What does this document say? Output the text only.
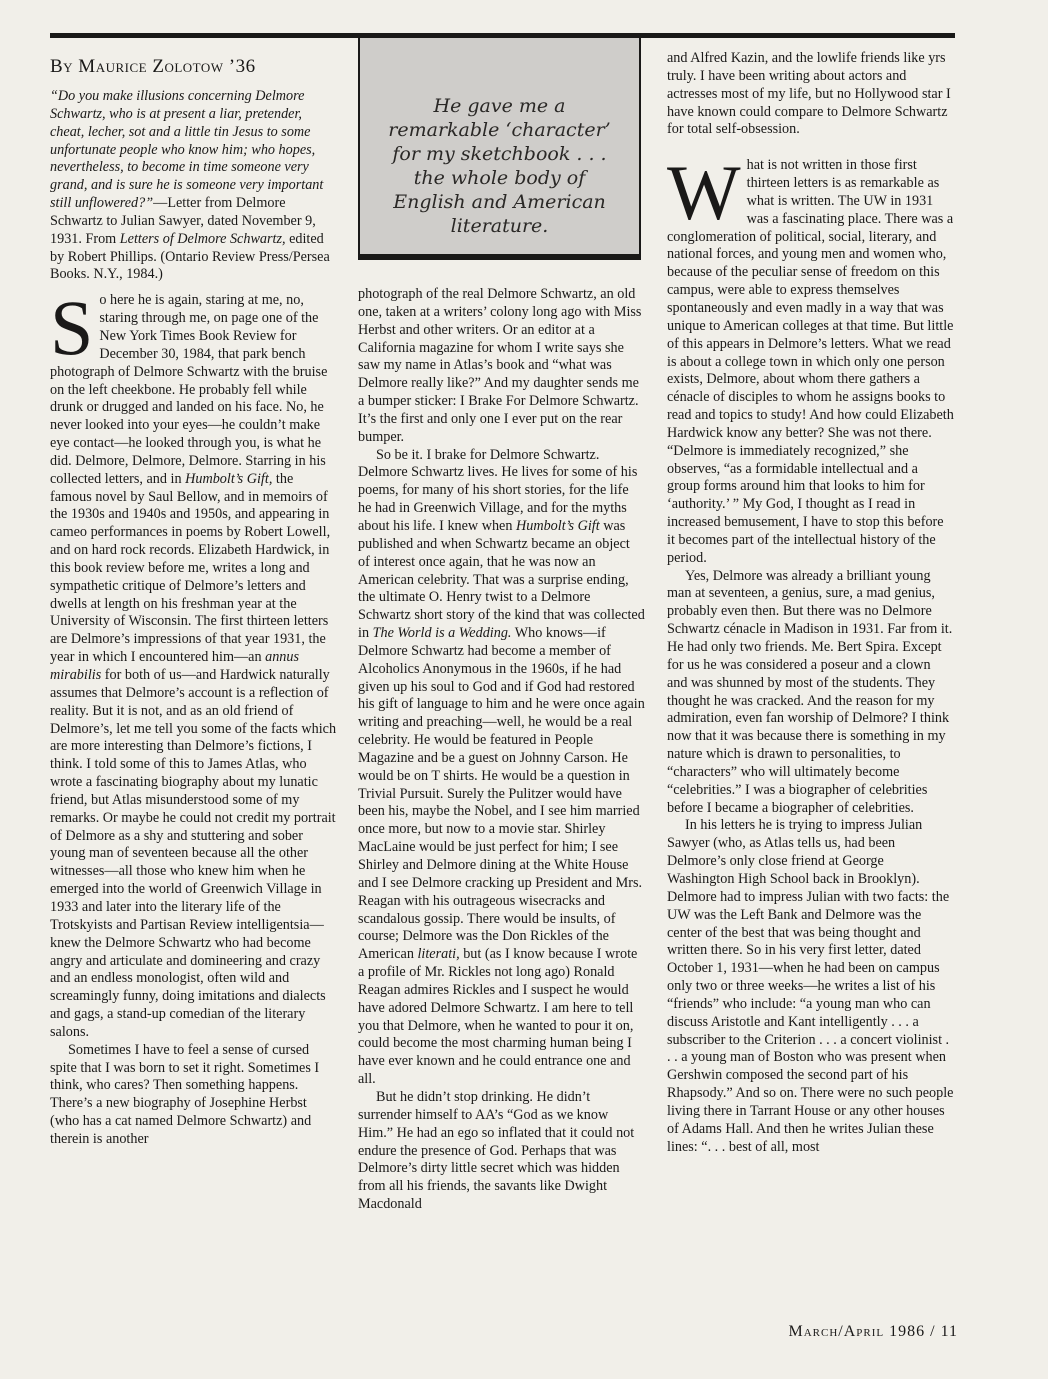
By Maurice Zolotow ’36

“Do you make illusions concerning Delmore Schwartz, who is at present a liar, pretender, cheat, lecher, sot and a little tin Jesus to some unfortunate people who know him; who hopes, nevertheless, to become in time someone very grand, and is sure he is someone very important still unflowered?”—Letter from Delmore Schwartz to Julian Sawyer, dated November 9, 1931. From Letters of Delmore Schwartz, edited by Robert Phillips. (Ontario Review Press/Persea Books. N.Y., 1984.)

So here he is again, staring at me, no, staring through me, on page one of the New York Times Book Review for December 30, 1984, that park bench photograph of Delmore Schwartz with the bruise on the left cheekbone. He probably fell while drunk or drugged and landed on his face. No, he never looked into your eyes—he couldn’t make eye contact—he looked through you, is what he did. Delmore, Delmore, Delmore. Starring in his collected letters, and in Humbolt’s Gift, the famous novel by Saul Bellow, and in memoirs of the 1930s and 1940s and 1950s, and appearing in cameo performances in poems by Robert Lowell, and on hard rock records. Elizabeth Hardwick, in this book review before me, writes a long and sympathetic critique of Delmore’s letters and dwells at length on his freshman year at the University of Wisconsin. The first thirteen letters are Delmore’s impressions of that year 1931, the year in which I encountered him—an annus mirabilis for both of us—and Hardwick naturally assumes that Delmore’s account is a reflection of reality. But it is not, and as an old friend of Delmore’s, let me tell you some of the facts which are more interesting than Delmore’s fictions, I think. I told some of this to James Atlas, who wrote a fascinating biography about my lunatic friend, but Atlas misunderstood some of my remarks. Or maybe he could not credit my portrait of Delmore as a shy and stuttering and sober young man of seventeen because all the other witnesses—all those who knew him when he emerged into the world of Greenwich Village in 1933 and later into the literary life of the Trotskyists and Partisan Review intelligentsia—knew the Delmore Schwartz who had become angry and articulate and domineering and crazy and an endless monologist, often wild and screamingly funny, doing imitations and dialects and gags, a stand-up comedian of the literary salons.

Sometimes I have to feel a sense of cursed spite that I was born to set it right. Sometimes I think, who cares? Then something happens. There’s a new biography of Josephine Herbst (who has a cat named Delmore Schwartz) and therein is another

He gave me a remarkable ‘character’ for my sketchbook . . . the whole body of English and American literature.

photograph of the real Delmore Schwartz, an old one, taken at a writers’ colony long ago with Miss Herbst and other writers. Or an editor at a California magazine for whom I write says she saw my name in Atlas’s book and “what was Delmore really like?” And my daughter sends me a bumper sticker: I Brake For Delmore Schwartz. It’s the first and only one I ever put on the rear bumper.

So be it. I brake for Delmore Schwartz. Delmore Schwartz lives. He lives for some of his poems, for many of his short stories, for the life he had in Greenwich Village, and for the myths about his life. I knew when Humbolt’s Gift was published and when Schwartz became an object of interest once again, that he was now an American celebrity. That was a surprise ending, the ultimate O. Henry twist to a Delmore Schwartz short story of the kind that was collected in The World is a Wedding. Who knows—if Delmore Schwartz had become a member of Alcoholics Anonymous in the 1960s, if he had given up his soul to God and if God had restored his gift of language to him and he were once again writing and preaching—well, he would be a real celebrity. He would be featured in People Magazine and be a guest on Johnny Carson. He would be on T shirts. He would be a question in Trivial Pursuit. Surely the Pulitzer would have been his, maybe the Nobel, and I see him married once more, but now to a movie star. Shirley MacLaine would be just perfect for him; I see Shirley and Delmore dining at the White House and I see Delmore cracking up President and Mrs. Reagan with his outrageous wisecracks and scandalous gossip. There would be insults, of course; Delmore was the Don Rickles of the American literati, but (as I know because I wrote a profile of Mr. Rickles not long ago) Ronald Reagan admires Rickles and I suspect he would have adored Delmore Schwartz. I am here to tell you that Delmore, when he wanted to pour it on, could become the most charming human being I have ever known and he could entrance one and all.

But he didn’t stop drinking. He didn’t surrender himself to AA’s “God as we know Him.” He had an ego so inflated that it could not endure the presence of God. Perhaps that was Delmore’s dirty little secret which was hidden from all his friends, the savants like Dwight Macdonald

and Alfred Kazin, and the lowlife friends like yrs truly. I have been writing about actors and actresses most of my life, but no Hollywood star I have known could compare to Delmore Schwartz for total self-obsession.

What is not written in those first thirteen letters is as remarkable as what is written. The UW in 1931 was a fascinating place. There was a conglomeration of political, social, literary, and national forces, and young men and women who, because of the peculiar sense of freedom on this campus, were able to express themselves spontaneously and even madly in a way that was unique to American colleges at that time. But little of this appears in Delmore’s letters. What we read is about a college town in which only one person exists, Delmore, about whom there gathers a cénacle of disciples to whom he assigns books to read and topics to study! And how could Elizabeth Hardwick know any better? She was not there. “Delmore is immediately recognized,” she observes, “as a formidable intellectual and a group forms around him that looks to him for ‘authority.’ ” My God, I thought as I read in increased bemusement, I have to stop this before it becomes part of the intellectual history of the period.

Yes, Delmore was already a brilliant young man at seventeen, a genius, sure, a mad genius, probably even then. But there was no Delmore Schwartz cénacle in Madison in 1931. Far from it. He had only two friends. Me. Bert Spira. Except for us he was considered a poseur and a clown and was shunned by most of the students. They thought he was cracked. And the reason for my admiration, even fan worship of Delmore? I think now that it was because there is something in my nature which is drawn to personalities, to “characters” who will ultimately become “celebrities.” I was a biographer of celebrities before I became a biographer of celebrities.

In his letters he is trying to impress Julian Sawyer (who, as Atlas tells us, had been Delmore’s only close friend at George Washington High School back in Brooklyn). Delmore had to impress Julian with two facts: the UW was the Left Bank and Delmore was the center of the best that was being thought and written there. So in his very first letter, dated October 1, 1931—when he had been on campus only two or three weeks—he writes a list of his “friends” who include: “a young man who can discuss Aristotle and Kant intelligently . . . a subscriber to the Criterion . . . a concert violinist . . . a young man of Boston who was present when Gershwin composed the second part of his Rhapsody.” And so on. There were no such people living there in Tarrant House or any other houses of Adams Hall. And then he writes Julian these lines: “. . . best of all, most

March/April 1986 / 11
